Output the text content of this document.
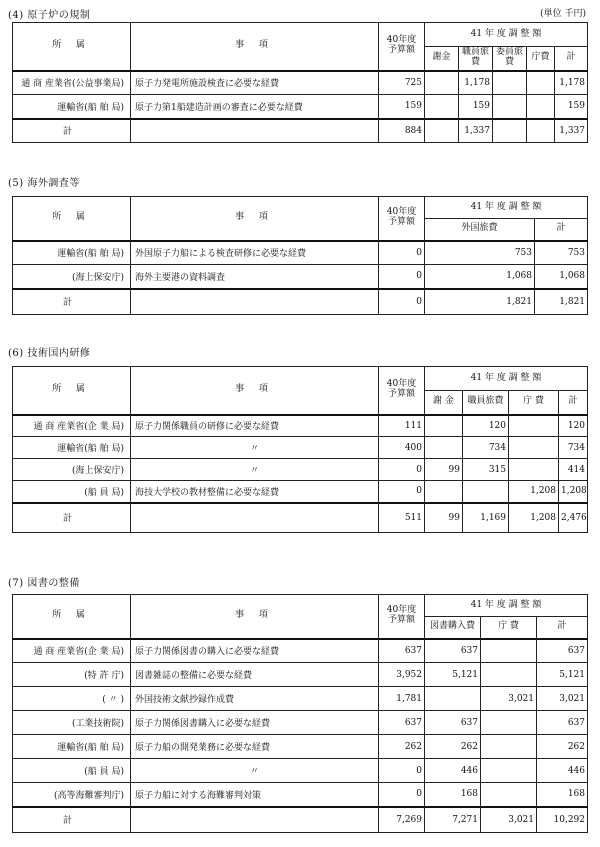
(4) 原子炉の規制	(単位 千円)
所 属	事 項	40年度 予算額	41 年 度 調 整 額				
			謝金	職員旅費	委員旅費	庁費	計
通 商 産業省(公益事業局)	原子力発電所施設検査に必要な経費	725		1,178			1,178
運輸省(船 舶 局)	原子力第1船建造計画の審査に必要な経費	159		159			159
計		884		1,337			1,337
(5) 海外調査等
所 属	事 項	40年度 予算額	41 年 度 調 整 額	
			外国旅費	計
運輸省(船 舶 局)	外国原子力船による検査研修に必要な経費	0	753	753
(海上保安庁)	海外主要港の資料調査	0	1,068	1,068
計		0	1,821	1,821
(6) 技術国内研修
所 属	事 項	40年度 予算額	41 年 度 調 整 額			
			謝 金	職員旅費	庁 費	計
通 商 産業省(企 業 局)	原子力関係職員の研修に必要な経費	111		120		120
運輸省(船 舶 局)	〃	400		734		734
(海上保安庁)	〃	0	99	315		414
(船 員 局)	海技大学校の教材整備に必要な経費	0			1,208	1,208
計		511	99	1,169	1,208	2,476
(7) 図書の整備
所 属	事 項	40年度 予算額	41 年 度 調 整 額		
			図書購入費	庁 費	計
通 商 産業省(企 業 局)	原子力関係図書の購入に必要な経費	637	637		637
(特 許 庁)	図書雑誌の整備に必要な経費	3,952	5,121		5,121
( 〃 )	外国技術文献抄録作成費	1,781		3,021	3,021
(工業技術院)	原子力関係図書購入に必要な経費	637	637		637
運輸省(船 舶 局)	原子力船の開発業務に必要な経費	262	262		262
(船 員 局)	〃	0	446		446
(高等海難審判庁)	原子力船に対する海難審判対策	0	168		168
計		7,269	7,271	3,021	10,292
